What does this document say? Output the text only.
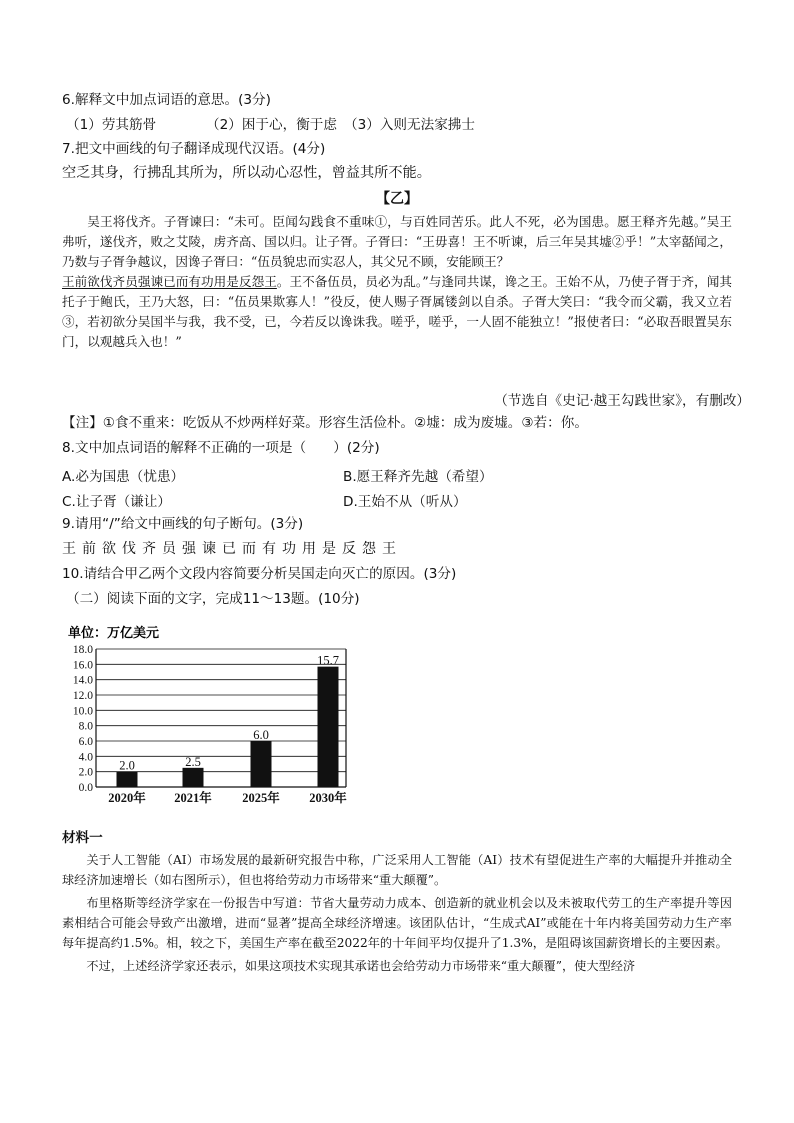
6.解释文中加点词语的意思。(3分)
（1）劳其筋骨	（2）困于心，衡于虑 （3）入则无法家拂士
7.把文中画线的句子翻译成现代汉语。(4分)
空乏其身，行拂乱其所为，所以动心忍性，曾益其所不能。
【乙】

吴王将伐齐。子胥谏曰：“未可。臣闻勾践食不重味①，与百姓同苦乐。此人不死，必为国患。愿王释齐先越。”吴王弗听，遂伐齐，败之艾陵，虏齐高、国以归。让子胥。子胥曰：“王毋喜！王不听谏，后三年吴其墟②乎！”太宰嚭闻之，乃数与子胥争越议，因谗子胥曰：“伍员貌忠而实忍人，其父兄不顾，安能顾王？
王前欲伐齐员强谏已而有功用是反怨王。王不备伍员，员必为乱。”与逢同共谋，谗之王。王始不从，乃使子胥于齐，闻其托子于鲍氏，王乃大怒，曰：“伍员果欺寡人！”役反，使人赐子胥属镂剑以自杀。子胥大笑曰：“我令而父霸，我又立若③，若初欲分吴国半与我，我不受，已，今若反以谗诛我。嗟乎，嗟乎，一人固不能独立！”报使者曰：“必取吾眼置吴东门，以观越兵入也！”

（节选自《史记·越王勾践世家》，有删改）
【注】①食不重来：吃饭从不炒两样好菜。形容生活俭朴。②墟：成为废墟。③若：你。
8.文中加点词语的解释不正确的一项是（　　）(2分)
A.必为国患（忧患）	B.愿王释齐先越（希望）
C.让子胥（谦让）	D.王始不从（听从）
9.请用“/”给文中画线的句子断句。(3分)
王前欲伐齐员强谏已而有功用是反怨王
10.请结合甲乙两个文段内容简要分析吴国走向灭亡的原因。(3分)
（二）阅读下面的文字，完成11～13题。(10分)
单位：万亿美元
0.0
2.0
4.0
6.0
8.0
10.0
12.0
14.0
16.0
18.0
2.0	2.5
6.0
15.7
2020年 2021年 2025年 2030年
材料一

关于人工智能（AI）市场发展的最新研究报告中称，广泛采用人工智能（AI）技术有望促进生产率的大幅提升并推动全球经济加速增长（如右图所示），但也将给劳动力市场带来“重大颠覆”。

布里格斯等经济学家在一份报告中写道：节省大量劳动力成本、创造新的就业机会以及未被取代劳工的生产率提升等因素相结合可能会导致产出激增，进而“显著”提高全球经济增速。该团队估计，“生成式AI”或能在十年内将美国劳动力生产率每年提高约1.5%。相，较之下，美国生产率在截至2022年的十年间平均仅提升了1.3%，是阻碍该国薪资增长的主要因素。

不过，上述经济学家还表示，如果这项技术实现其承诺也会给劳动力市场带来“重大颠覆”，使大型经济
